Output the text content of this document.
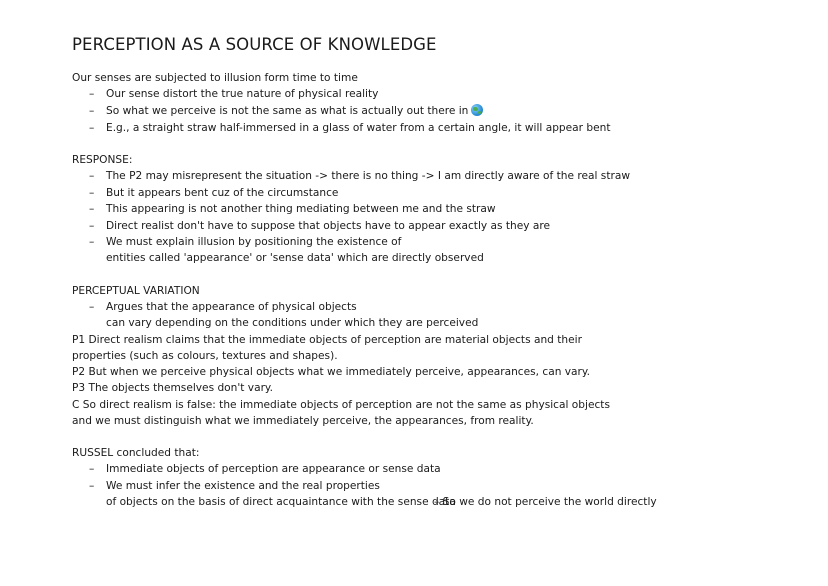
PERCEPTION AS A SOURCE OF KNOWLEDGE
Our senses are subjected to illusion form time to time
– Our sense distort the true nature of physical reality
– So what we perceive is not the same as what is actually out there in
– E.g., a straight straw half-immersed in a glass of water from a certain angle, it will appear bent
RESPONSE:
– The P2 may misrepresent the situation -> there is no thing -> I am directly aware of the real straw
– But it appears bent cuz of the circumstance
– This appearing is not another thing mediating between me and the straw
– Direct realist don't have to suppose that objects have to appear exactly as they are
– We must explain illusion by positioning the existence of
entities called 'appearance' or 'sense data' which are directly observed
PERCEPTUAL VARIATION
– Argues that the appearance of physical objects
can vary depending on the conditions under which they are perceived
P1 Direct realism claims that the immediate objects of perception are material objects and their
properties (such as colours, textures and shapes).
P2 But when we perceive physical objects what we immediately perceive, appearances, can vary.
P3 The objects themselves don't vary.
C So direct realism is false: the immediate objects of perception are not the same as physical objects
and we must distinguish what we immediately perceive, the appearances, from reality.
RUSSEL concluded that:
– Immediate objects of perception are appearance or sense data
– We must infer the existence and the real properties
of objects on the basis of direct acquaintance with the sense data
– So we do not perceive the world directly
